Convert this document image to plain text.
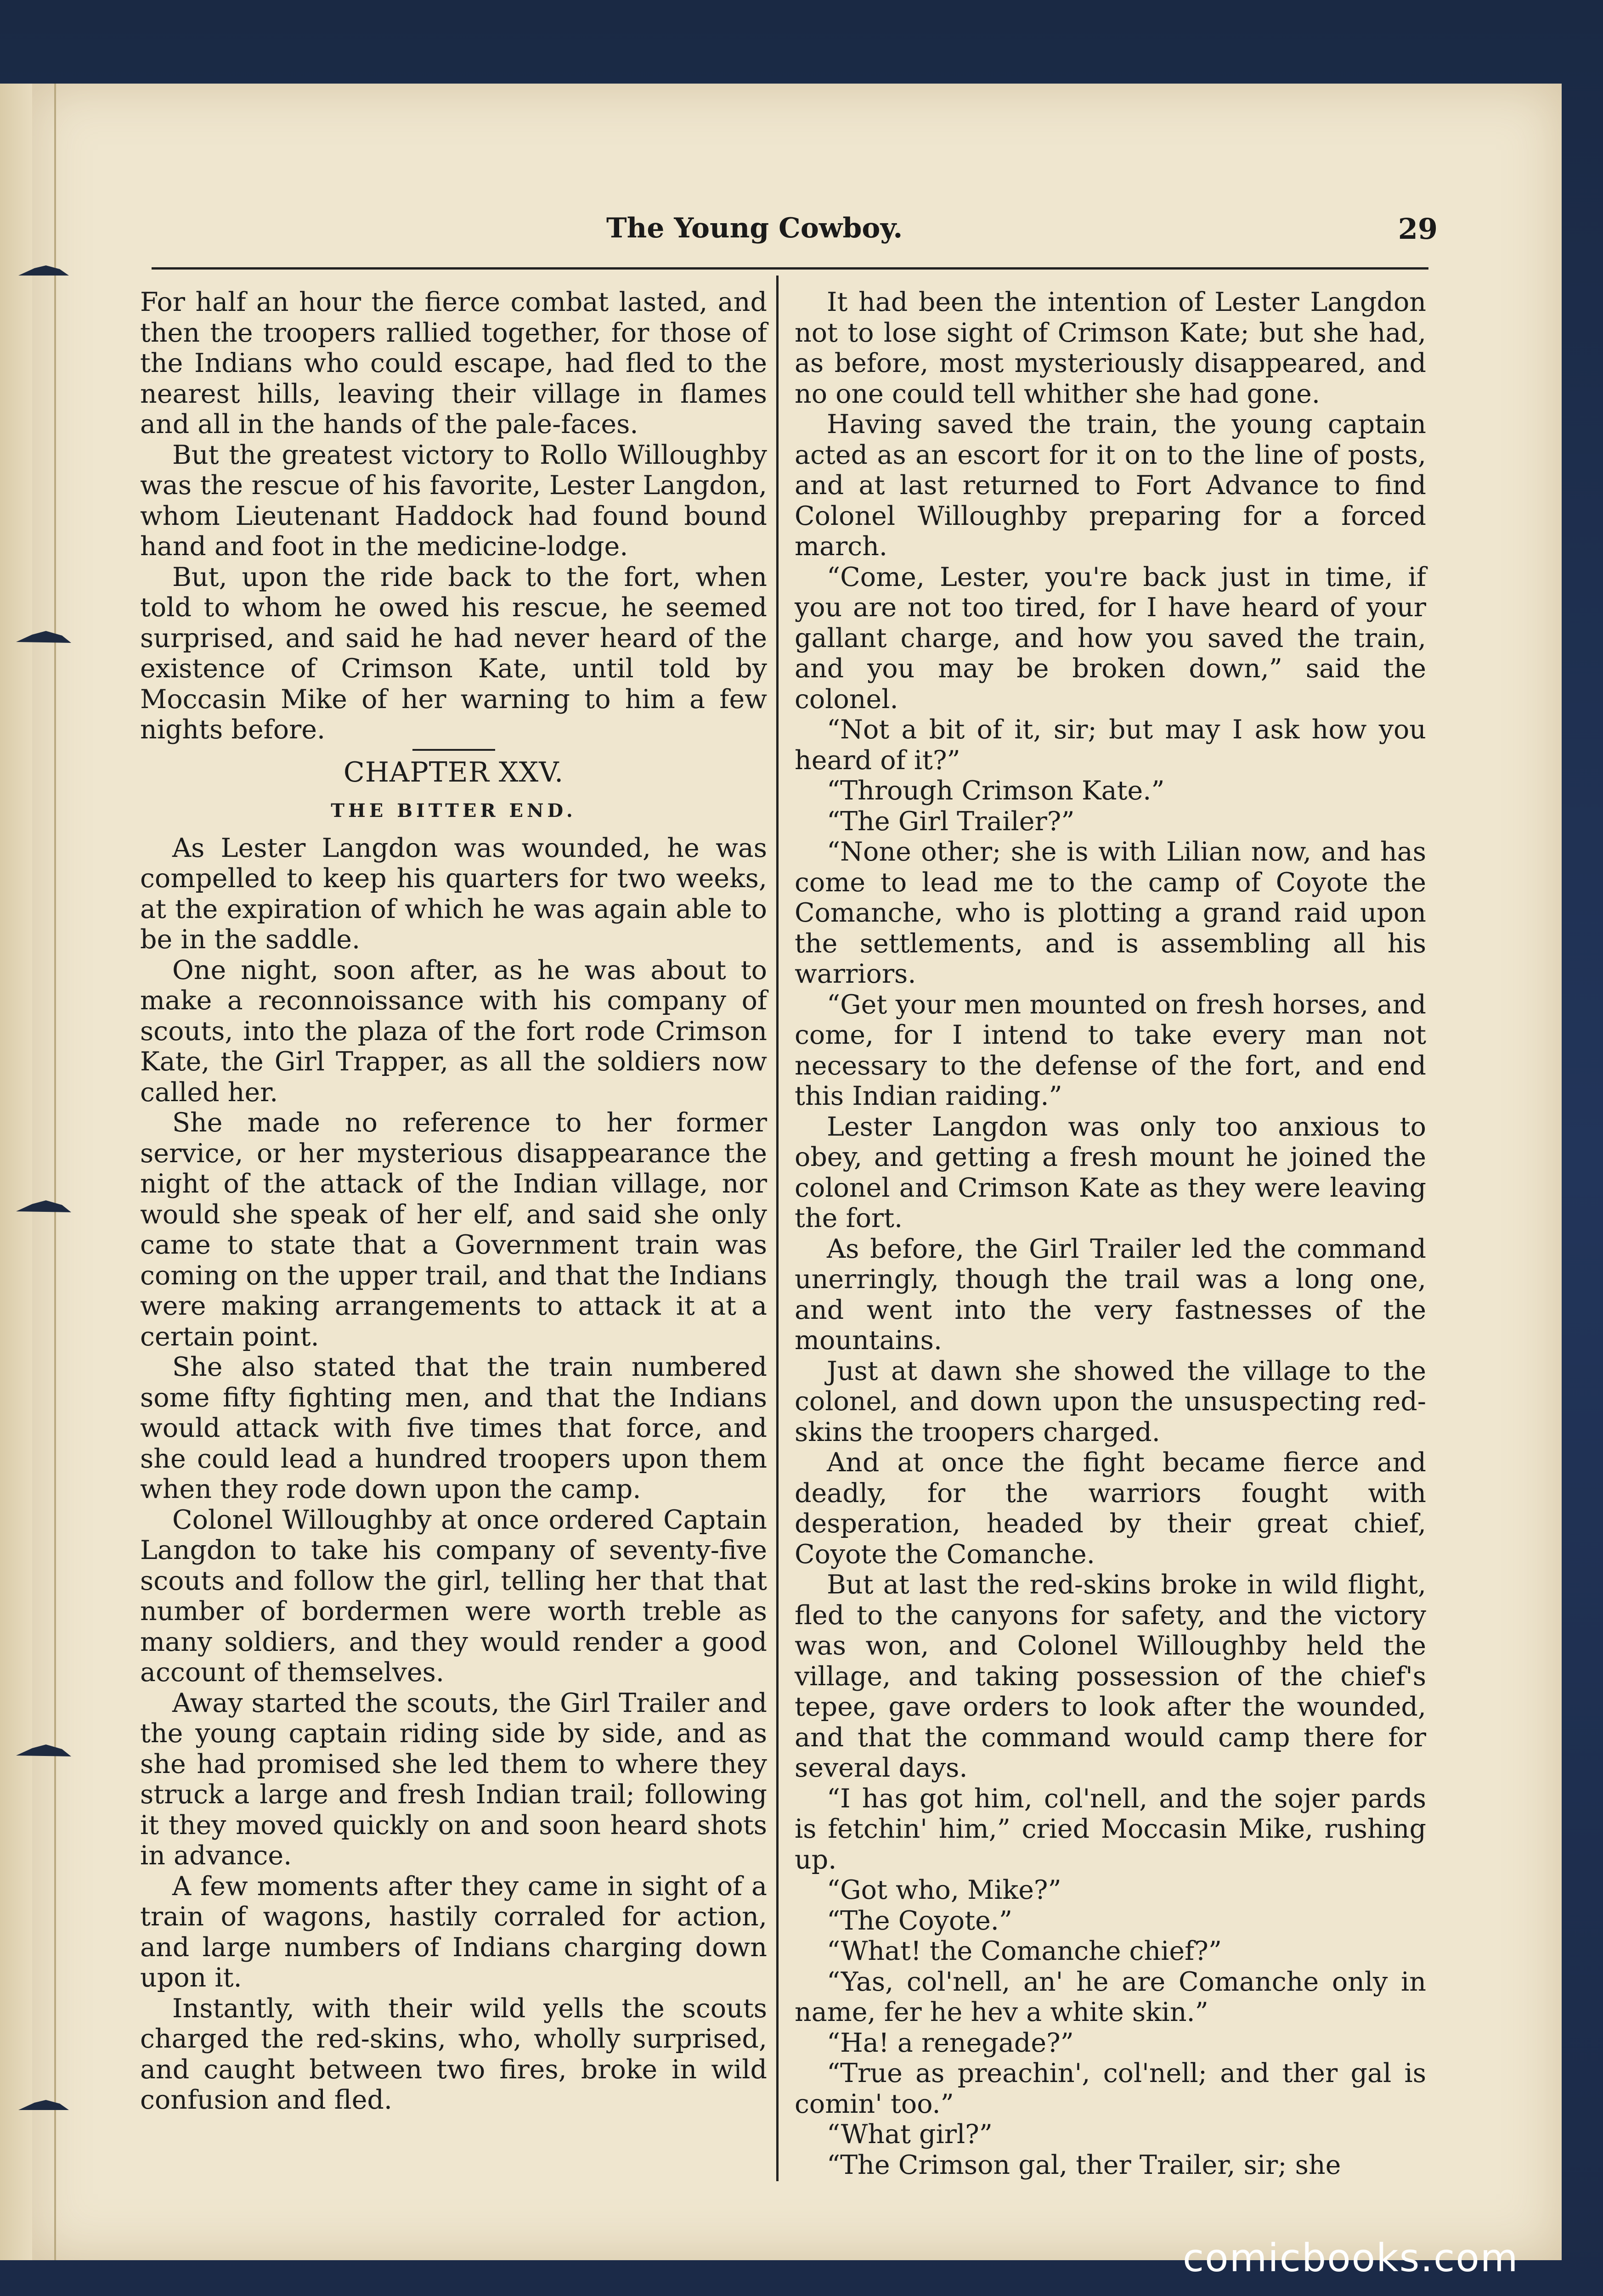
The Young Cowboy.	29

For half an hour the fierce combat lasted, and then the troopers rallied together, for those of the Indians who could escape, had fled to the nearest hills, leaving their village in flames and all in the hands of the pale-faces.

But the greatest victory to Rollo Willoughby was the rescue of his favorite, Lester Langdon, whom Lieutenant Haddock had found bound hand and foot in the medicine-lodge.

But, upon the ride back to the fort, when told to whom he owed his rescue, he seemed surprised, and said he had never heard of the existence of Crimson Kate, until told by Moccasin Mike of her warning to him a few nights before.

CHAPTER XXV.
THE BITTER END.

As Lester Langdon was wounded, he was compelled to keep his quarters for two weeks, at the expiration of which he was again able to be in the saddle.

One night, soon after, as he was about to make a reconnoissance with his company of scouts, into the plaza of the fort rode Crimson Kate, the Girl Trapper, as all the soldiers now called her.

She made no reference to her former service, or her mysterious disappearance the night of the attack of the Indian village, nor would she speak of her elf, and said she only came to state that a Government train was coming on the upper trail, and that the Indians were making arrangements to attack it at a certain point.

She also stated that the train numbered some fifty fighting men, and that the Indians would attack with five times that force, and she could lead a hundred troopers upon them when they rode down upon the camp.

Colonel Willoughby at once ordered Captain Langdon to take his company of seventy-five scouts and follow the girl, telling her that that number of bordermen were worth treble as many soldiers, and they would render a good account of themselves.

Away started the scouts, the Girl Trailer and the young captain riding side by side, and as she had promised she led them to where they struck a large and fresh Indian trail; following it they moved quickly on and soon heard shots in advance.

A few moments after they came in sight of a train of wagons, hastily corraled for action, and large numbers of Indians charging down upon it.

Instantly, with their wild yells the scouts charged the red-skins, who, wholly surprised, and caught between two fires, broke in wild confusion and fled.

It had been the intention of Lester Langdon not to lose sight of Crimson Kate; but she had, as before, most mysteriously disappeared, and no one could tell whither she had gone.

Having saved the train, the young captain acted as an escort for it on to the line of posts, and at last returned to Fort Advance to find Colonel Willoughby preparing for a forced march.

“Come, Lester, you're back just in time, if you are not too tired, for I have heard of your gallant charge, and how you saved the train, and you may be broken down,” said the colonel.

“Not a bit of it, sir; but may I ask how you heard of it?”

“Through Crimson Kate.”

“The Girl Trailer?”

“None other; she is with Lilian now, and has come to lead me to the camp of Coyote the Comanche, who is plotting a grand raid upon the settlements, and is assembling all his warriors.

“Get your men mounted on fresh horses, and come, for I intend to take every man not necessary to the defense of the fort, and end this Indian raiding.”

Lester Langdon was only too anxious to obey, and getting a fresh mount he joined the colonel and Crimson Kate as they were leaving the fort.

As before, the Girl Trailer led the command unerringly, though the trail was a long one, and went into the very fastnesses of the mountains.

Just at dawn she showed the village to the colonel, and down upon the unsuspecting red-skins the troopers charged.

And at once the fight became fierce and deadly, for the warriors fought with desperation, headed by their great chief, Coyote the Comanche.

But at last the red-skins broke in wild flight, fled to the canyons for safety, and the victory was won, and Colonel Willoughby held the village, and taking possession of the chief's tepee, gave orders to look after the wounded, and that the command would camp there for several days.

“I has got him, col'nell, and the sojer pards is fetchin' him,” cried Moccasin Mike, rushing up.

“Got who, Mike?”

“The Coyote.”

“What! the Comanche chief?”

“Yas, col'nell, an' he are Comanche only in name, fer he hev a white skin.”

“Ha! a renegade?”

“True as preachin', col'nell; and ther gal is comin' too.”

“What girl?”

“The Crimson gal, ther Trailer, sir; she

comicbooks.com
